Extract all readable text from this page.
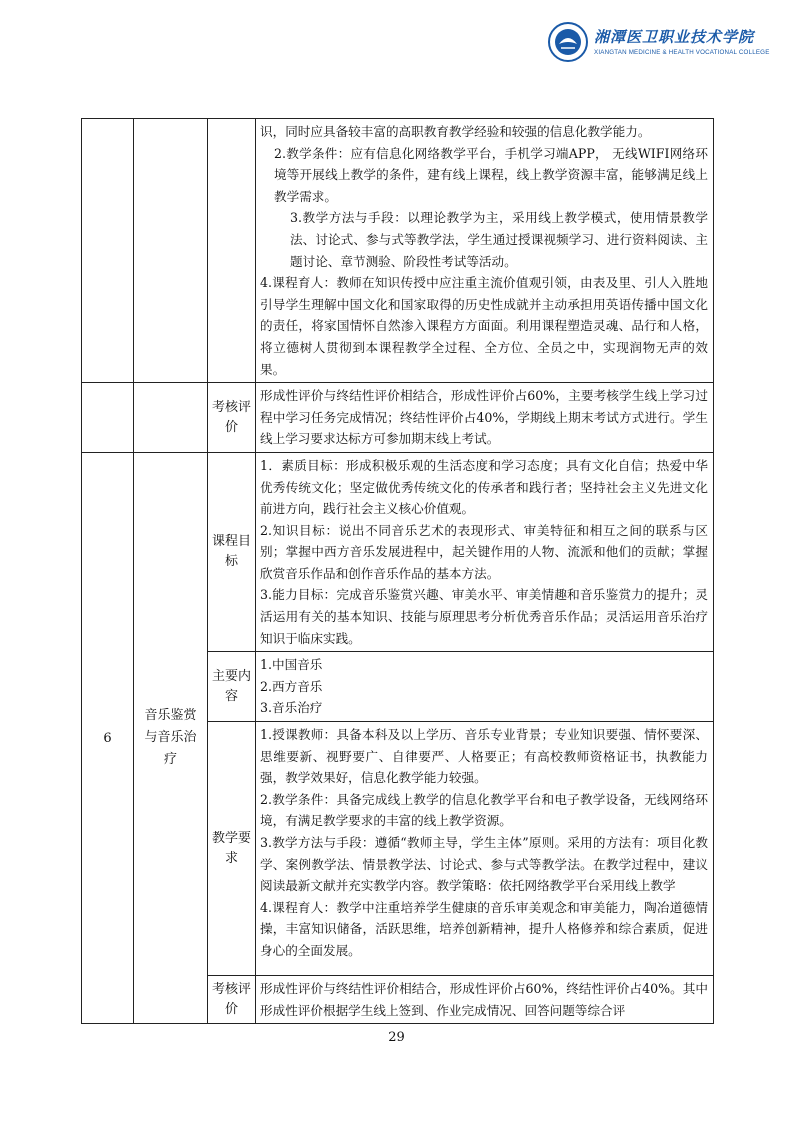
湘潭医卫职业技术学院
XIANGTAN MEDICINE & HEALTH VOCATIONAL COLLEGE

			识，同时应具备较丰富的高职教育教学经验和较强的信息化教学能力。

2.教学条件：应有信息化网络教学平台，手机学习端APP， 无线WIFI网络环境等开展线上教学的条件，建有线上课程，线上教学资源丰富，能够满足线上教学需求。

3.教学方法与手段：以理论教学为主，采用线上教学模式，使用情景教学法、讨论式、参与式等教学法，学生通过授课视频学习、进行资料阅读、主题讨论、章节测验、阶段性考试等活动。

4.课程育人：教师在知识传授中应注重主流价值观引领，由表及里、引人入胜地引导学生理解中国文化和国家取得的历史性成就并主动承担用英语传播中国文化的责任，将家国情怀自然渗入课程方方面面。利用课程塑造灵魂、品行和人格，将立德树人贯彻到本课程教学全过程、全方位、全员之中，实现润物无声的效果。

		考核评价	形成性评价与终结性评价相结合，形成性评价占60%，主要考核学生线上学习过程中学习任务完成情况；终结性评价占40%，学期线上期末考试方式进行。学生线上学习要求达标方可参加期末线上考试。
6	音乐鉴赏与音乐治疗	课程目标	1．素质目标：形成积极乐观的生活态度和学习态度；具有文化自信；热爱中华优秀传统文化；坚定做优秀传统文化的传承者和践行者；坚持社会主义先进文化前进方向，践行社会主义核心价值观。

2.知识目标：说出不同音乐艺术的表现形式、审美特征和相互之间的联系与区别；掌握中西方音乐发展进程中，起关键作用的人物、流派和他们的贡献；掌握欣赏音乐作品和创作音乐作品的基本方法。

3.能力目标：完成音乐鉴赏兴趣、审美水平、审美情趣和音乐鉴赏力的提升；灵活运用有关的基本知识、技能与原理思考分析优秀音乐作品；灵活运用音乐治疗知识于临床实践。

		主要内容	1.中国音乐

2.西方音乐

3.音乐治疗

		教学要求	1.授课教师：具备本科及以上学历、音乐专业背景；专业知识要强、情怀要深、思维要新、视野要广、自律要严、人格要正；有高校教师资格证书，执教能力强，教学效果好，信息化教学能力较强。

2.教学条件：具备完成线上教学的信息化教学平台和电子教学设备，无线网络环境，有满足教学要求的丰富的线上教学资源。

3.教学方法与手段：遵循“教师主导，学生主体”原则。采用的方法有：项目化教学、案例教学法、情景教学法、讨论式、参与式等教学法。在教学过程中，建议阅读最新文献并充实教学内容。教学策略：依托网络教学平台采用线上教学

4.课程育人：教学中注重培养学生健康的音乐审美观念和审美能力，陶冶道德情操，丰富知识储备，活跃思维，培养创新精神，提升人格修养和综合素质，促进身心的全面发展。

		考核评价	形成性评价与终结性评价相结合，形成性评价占60%，终结性评价占40%。其中形成性评价根据学生线上签到、作业完成情况、回答问题等综合评
29
